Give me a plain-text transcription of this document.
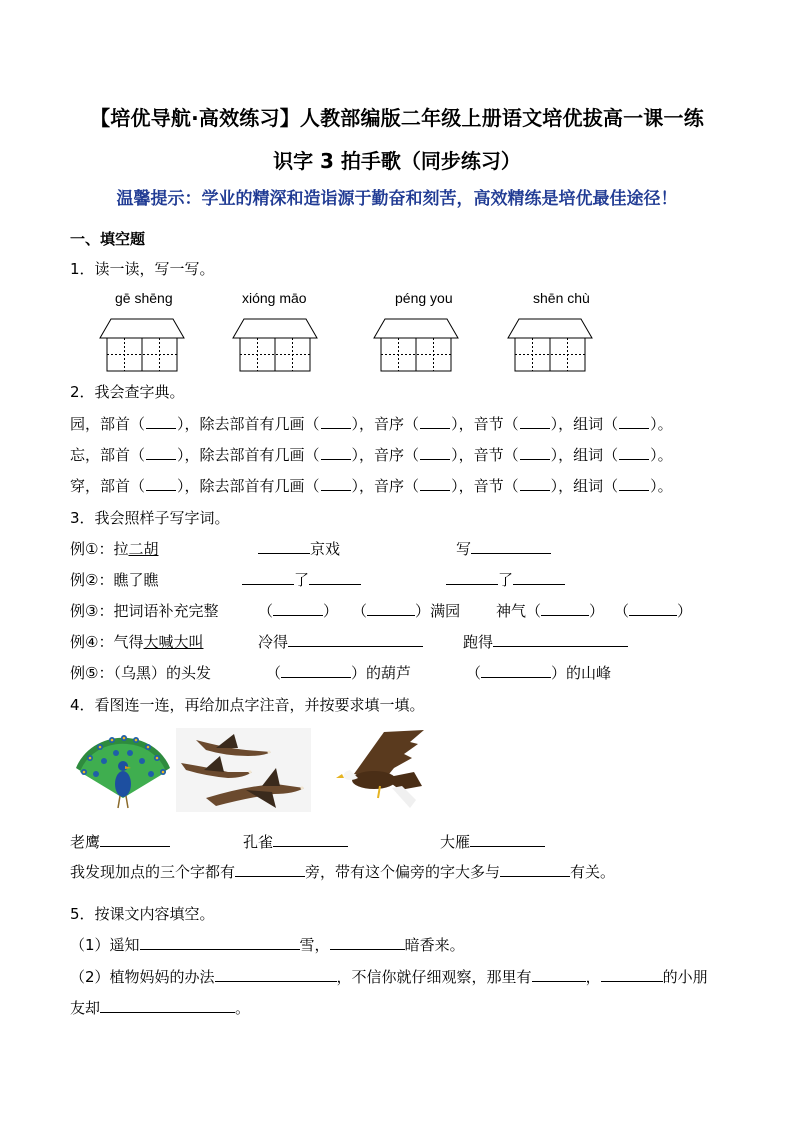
【培优导航·高效练习】人教部编版二年级上册语文培优拔高一课一练
识字 3 拍手歌（同步练习）
温馨提示：学业的精深和造诣源于勤奋和刻苦，高效精练是培优最佳途径！
一、填空题
1．读一读，写一写。
gē shēng	xióng māo	péng you	shēn chù
2．我会查字典。
园，部首（ ），除去部首有几画（ ），音序（ ），音节（ ），组词（ ）。
忘，部首（ ），除去部首有几画（ ），音序（ ），音节（ ），组词（ ）。
穿，部首（ ），除去部首有几画（ ），音序（ ），音节（ ），组词（ ）。
3．我会照样子写字词。
例①：拉二胡	京戏	写
例②：瞧了瞧	了	了
例③：把词语补充完整	（	） （	）满园 神气（	） （	）
例④：气得大喊大叫	冷得	跑得
例⑤：（乌黑）的头发	（	）的葫芦	（	）的山峰
4．看图连一连，再给加点字注音，并按要求填一填。
老鹰	孔雀	大雁
我发现加点的三个字都有	旁，带有这个偏旁的字大多与	有关。
5．按课文内容填空。
（1）遥知	雪，	暗香来。
（2）植物妈妈的办法	，不信你就仔细观察，那里有	，	的小朋
友却	。
